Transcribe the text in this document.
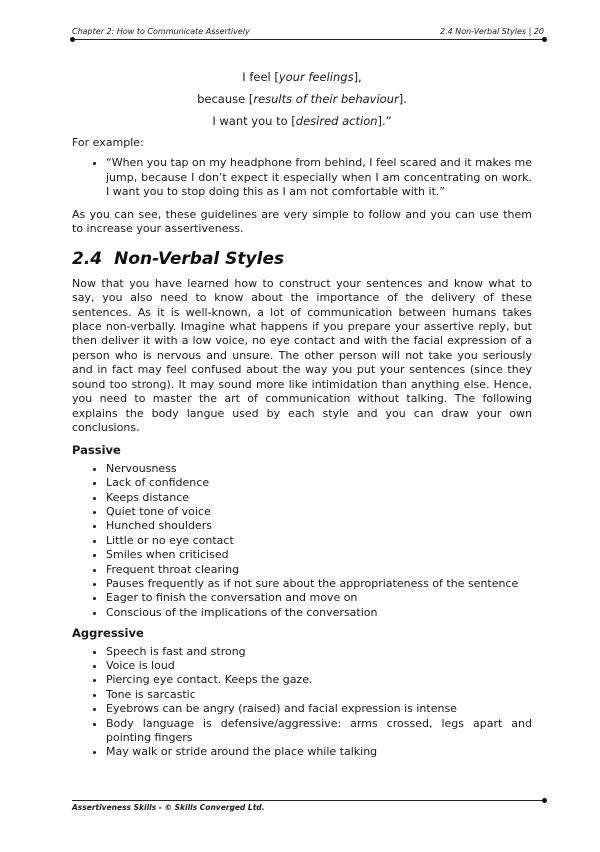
Chapter 2: How to Communicate Assertively	2.4 Non-Verbal Styles | 20
I feel [your feelings],
because [results of their behaviour].
I want you to [desired action].”

For example:

• “When you tap on my headphone from behind, I feel scared and it makes me jump, because I don’t expect it especially when I am concentrating on work. I want you to stop doing this as I am not comfortable with it.”

As you can see, these guidelines are very simple to follow and you can use them to increase your assertiveness.

2.4 Non-Verbal Styles

Now that you have learned how to construct your sentences and know what to say, you also need to know about the importance of the delivery of these sentences. As it is well-known, a lot of communication between humans takes place non-verbally. Imagine what happens if you prepare your assertive reply, but then deliver it with a low voice, no eye contact and with the facial expression of a person who is nervous and unsure. The other person will not take you seriously and in fact may feel confused about the way you put your sentences (since they sound too strong). It may sound more like intimidation than anything else. Hence, you need to master the art of communication without talking. The following explains the body langue used by each style and you can draw your own conclusions.

Passive
• Nervousness
• Lack of confidence
• Keeps distance
• Quiet tone of voice
• Hunched shoulders
• Little or no eye contact
• Smiles when criticised
• Frequent throat clearing
• Pauses frequently as if not sure about the appropriateness of the sentence
• Eager to finish the conversation and move on
• Conscious of the implications of the conversation
Aggressive
• Speech is fast and strong
• Voice is loud
• Piercing eye contact. Keeps the gaze.
• Tone is sarcastic
• Eyebrows can be angry (raised) and facial expression is intense
• Body language is defensive/aggressive: arms crossed, legs apart and pointing fingers
• May walk or stride around the place while talking
Assertiveness Skills - © Skills Converged Ltd.
